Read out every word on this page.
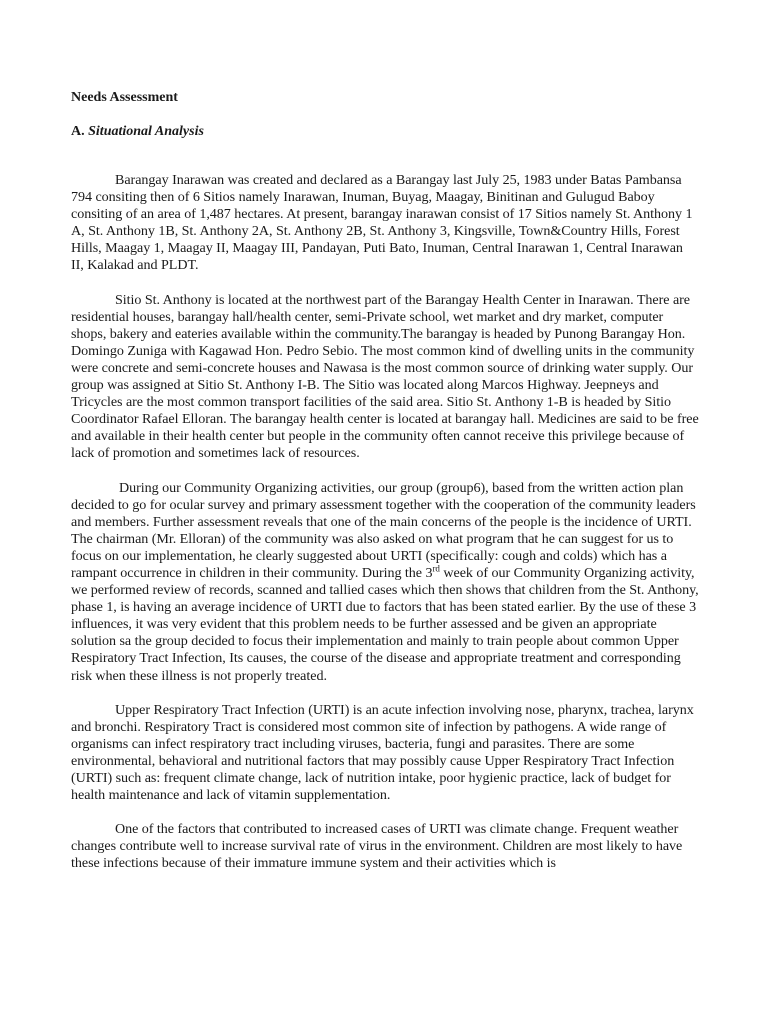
Needs Assessment
A. Situational Analysis

Barangay Inarawan was created and declared as a Barangay last July 25, 1983 under Batas Pambansa 794 consiting then of 6 Sitios namely Inarawan, Inuman, Buyag, Maagay, Binitinan and Gulugud Baboy consiting of an area of 1,487 hectares. At present, barangay inarawan consist of 17 Sitios namely St. Anthony 1 A, St. Anthony 1B, St. Anthony 2A, St. Anthony 2B, St. Anthony 3, Kingsville, Town&Country Hills, Forest Hills, Maagay 1, Maagay II, Maagay III, Pandayan, Puti Bato, Inuman, Central Inarawan 1, Central Inarawan II, Kalakad and PLDT.

Sitio St. Anthony is located at the northwest part of the Barangay Health Center in Inarawan. There are residential houses, barangay hall/health center, semi-Private school, wet market and dry market, computer shops, bakery and eateries available within the community.The barangay is headed by Punong Barangay Hon. Domingo Zuniga with Kagawad Hon. Pedro Sebio. The most common kind of dwelling units in the community were concrete and semi-concrete houses and Nawasa is the most common source of drinking water supply. Our group was assigned at Sitio St. Anthony I-B. The Sitio was located along Marcos Highway. Jeepneys and Tricycles are the most common transport facilities of the said area. Sitio St. Anthony 1-B is headed by Sitio Coordinator Rafael Elloran. The barangay health center is located at barangay hall. Medicines are said to be free and available in their health center but people in the community often cannot receive this privilege because of lack of promotion and sometimes lack of resources.

During our Community Organizing activities, our group (group6), based from the written action plan decided to go for ocular survey and primary assessment together with the cooperation of the community leaders and members. Further assessment reveals that one of the main concerns of the people is the incidence of URTI. The chairman (Mr. Elloran) of the community was also asked on what program that he can suggest for us to focus on our implementation, he clearly suggested about URTI (specifically: cough and colds) which has a rampant occurrence in children in their community. During the 3rd week of our Community Organizing activity, we performed review of records, scanned and tallied cases which then shows that children from the St. Anthony, phase 1, is having an average incidence of URTI due to factors that has been stated earlier. By the use of these 3 influences, it was very evident that this problem needs to be further assessed and be given an appropriate solution sa the group decided to focus their implementation and mainly to train people about common Upper Respiratory Tract Infection, Its causes, the course of the disease and appropriate treatment and corresponding risk when these illness is not properly treated.

Upper Respiratory Tract Infection (URTI) is an acute infection involving nose, pharynx, trachea, larynx and bronchi. Respiratory Tract is considered most common site of infection by pathogens. A wide range of organisms can infect respiratory tract including viruses, bacteria, fungi and parasites. There are some environmental, behavioral and nutritional factors that may possibly cause Upper Respiratory Tract Infection (URTI) such as: frequent climate change, lack of nutrition intake, poor hygienic practice, lack of budget for health maintenance and lack of vitamin supplementation.

One of the factors that contributed to increased cases of URTI was climate change. Frequent weather changes contribute well to increase survival rate of virus in the environment. Children are most likely to have these infections because of their immature immune system and their activities which is
